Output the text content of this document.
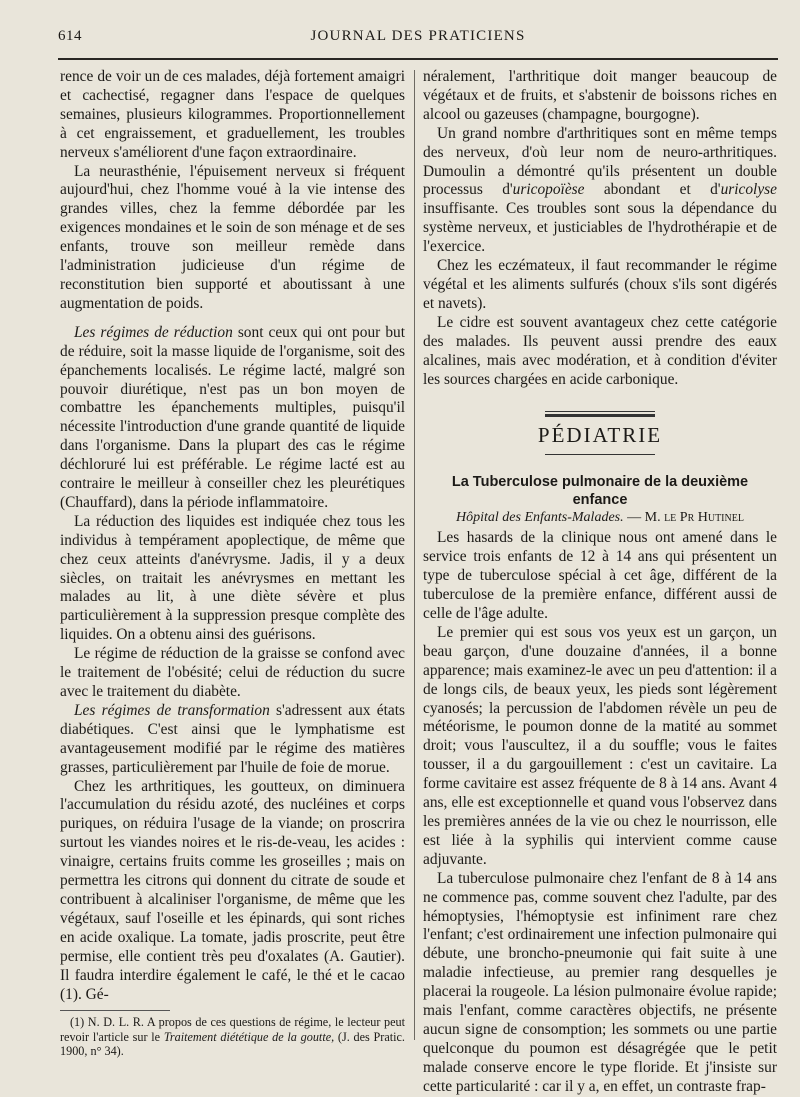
614	JOURNAL DES PRATICIENS

rence de voir un de ces malades, déjà fortement amaigri et cachectisé, regagner dans l'espace de quelques semaines, plusieurs kilogrammes. Proportionnellement à cet engraissement, et graduellement, les troubles nerveux s'améliorent d'une façon extraordinaire.

La neurasthénie, l'épuisement nerveux si fréquent aujourd'hui, chez l'homme voué à la vie intense des grandes villes, chez la femme débordée par les exigences mondaines et le soin de son ménage et de ses enfants, trouve son meilleur remède dans l'administration judicieuse d'un régime de reconstitution bien supporté et aboutissant à une augmentation de poids.

Les régimes de réduction sont ceux qui ont pour but de réduire, soit la masse liquide de l'organisme, soit des épanchements localisés. Le régime lacté, malgré son pouvoir diurétique, n'est pas un bon moyen de combattre les épanchements multiples, puisqu'il nécessite l'introduction d'une grande quantité de liquide dans l'organisme. Dans la plupart des cas le régime déchloruré lui est préférable. Le régime lacté est au contraire le meilleur à conseiller chez les pleurétiques (Chauffard), dans la période inflammatoire.

La réduction des liquides est indiquée chez tous les individus à tempérament apoplectique, de même que chez ceux atteints d'anévrysme. Jadis, il y a deux siècles, on traitait les anévrysmes en mettant les malades au lit, à une diète sévère et plus particulièrement à la suppression presque complète des liquides. On a obtenu ainsi des guérisons.

Le régime de réduction de la graisse se confond avec le traitement de l'obésité; celui de réduction du sucre avec le traitement du diabète.

Les régimes de transformation s'adressent aux états diabétiques. C'est ainsi que le lymphatisme est avantageusement modifié par le régime des matières grasses, particulièrement par l'huile de foie de morue.

Chez les arthritiques, les goutteux, on diminuera l'accumulation du résidu azoté, des nucléines et corps puriques, on réduira l'usage de la viande; on proscrira surtout les viandes noires et le ris-de-veau, les acides : vinaigre, certains fruits comme les groseilles ; mais on permettra les citrons qui donnent du citrate de soude et contribuent à alcaliniser l'organisme, de même que les végétaux, sauf l'oseille et les épinards, qui sont riches en acide oxalique. La tomate, jadis proscrite, peut être permise, elle contient très peu d'oxalates (A. Gautier). Il faudra interdire également le café, le thé et le cacao (1). Gé-

(1) N. D. L. R. A propos de ces questions de régime, le lecteur peut revoir l'article sur le Traitement diététique de la goutte, (J. des Pratic. 1900, n° 34).

néralement, l'arthritique doit manger beaucoup de végétaux et de fruits, et s'abstenir de boissons riches en alcool ou gazeuses (champagne, bourgogne).

Un grand nombre d'arthritiques sont en même temps des nerveux, d'où leur nom de neuro-arthritiques. Dumoulin a démontré qu'ils présentent un double processus d'uricopoïèse abondant et d'uricolyse insuffisante. Ces troubles sont sous la dépendance du système nerveux, et justiciables de l'hydrothérapie et de l'exercice.

Chez les eczémateux, il faut recommander le régime végétal et les aliments sulfurés (choux s'ils sont digérés et navets).

Le cidre est souvent avantageux chez cette catégorie des malades. Ils peuvent aussi prendre des eaux alcalines, mais avec modération, et à condition d'éviter les sources chargées en acide carbonique.

PÉDIATRIE
La Tuberculose pulmonaire de la deuxième enfance
Hôpital des Enfants-Malades. — M. le Pr Hutinel

Les hasards de la clinique nous ont amené dans le service trois enfants de 12 à 14 ans qui présentent un type de tuberculose spécial à cet âge, différent de la tuberculose de la première enfance, différent aussi de celle de l'âge adulte.

Le premier qui est sous vos yeux est un garçon, un beau garçon, d'une douzaine d'années, il a bonne apparence; mais examinez-le avec un peu d'attention: il a de longs cils, de beaux yeux, les pieds sont légèrement cyanosés; la percussion de l'abdomen révèle un peu de météorisme, le poumon donne de la matité au sommet droit; vous l'auscultez, il a du souffle; vous le faites tousser, il a du gargouillement : c'est un cavitaire. La forme cavitaire est assez fréquente de 8 à 14 ans. Avant 4 ans, elle est exceptionnelle et quand vous l'observez dans les premières années de la vie ou chez le nourrisson, elle est liée à la syphilis qui intervient comme cause adjuvante.

La tuberculose pulmonaire chez l'enfant de 8 à 14 ans ne commence pas, comme souvent chez l'adulte, par des hémoptysies, l'hémoptysie est infiniment rare chez l'enfant; c'est ordinairement une infection pulmonaire qui débute, une broncho-pneumonie qui fait suite à une maladie infectieuse, au premier rang desquelles je placerai la rougeole. La lésion pulmonaire évolue rapide; mais l'enfant, comme caractères objectifs, ne présente aucun signe de consomption; les sommets ou une partie quelconque du poumon est désagrégée que le petit malade conserve encore le type floride. Et j'insiste sur cette particularité : car il y a, en effet, un contraste frap-
